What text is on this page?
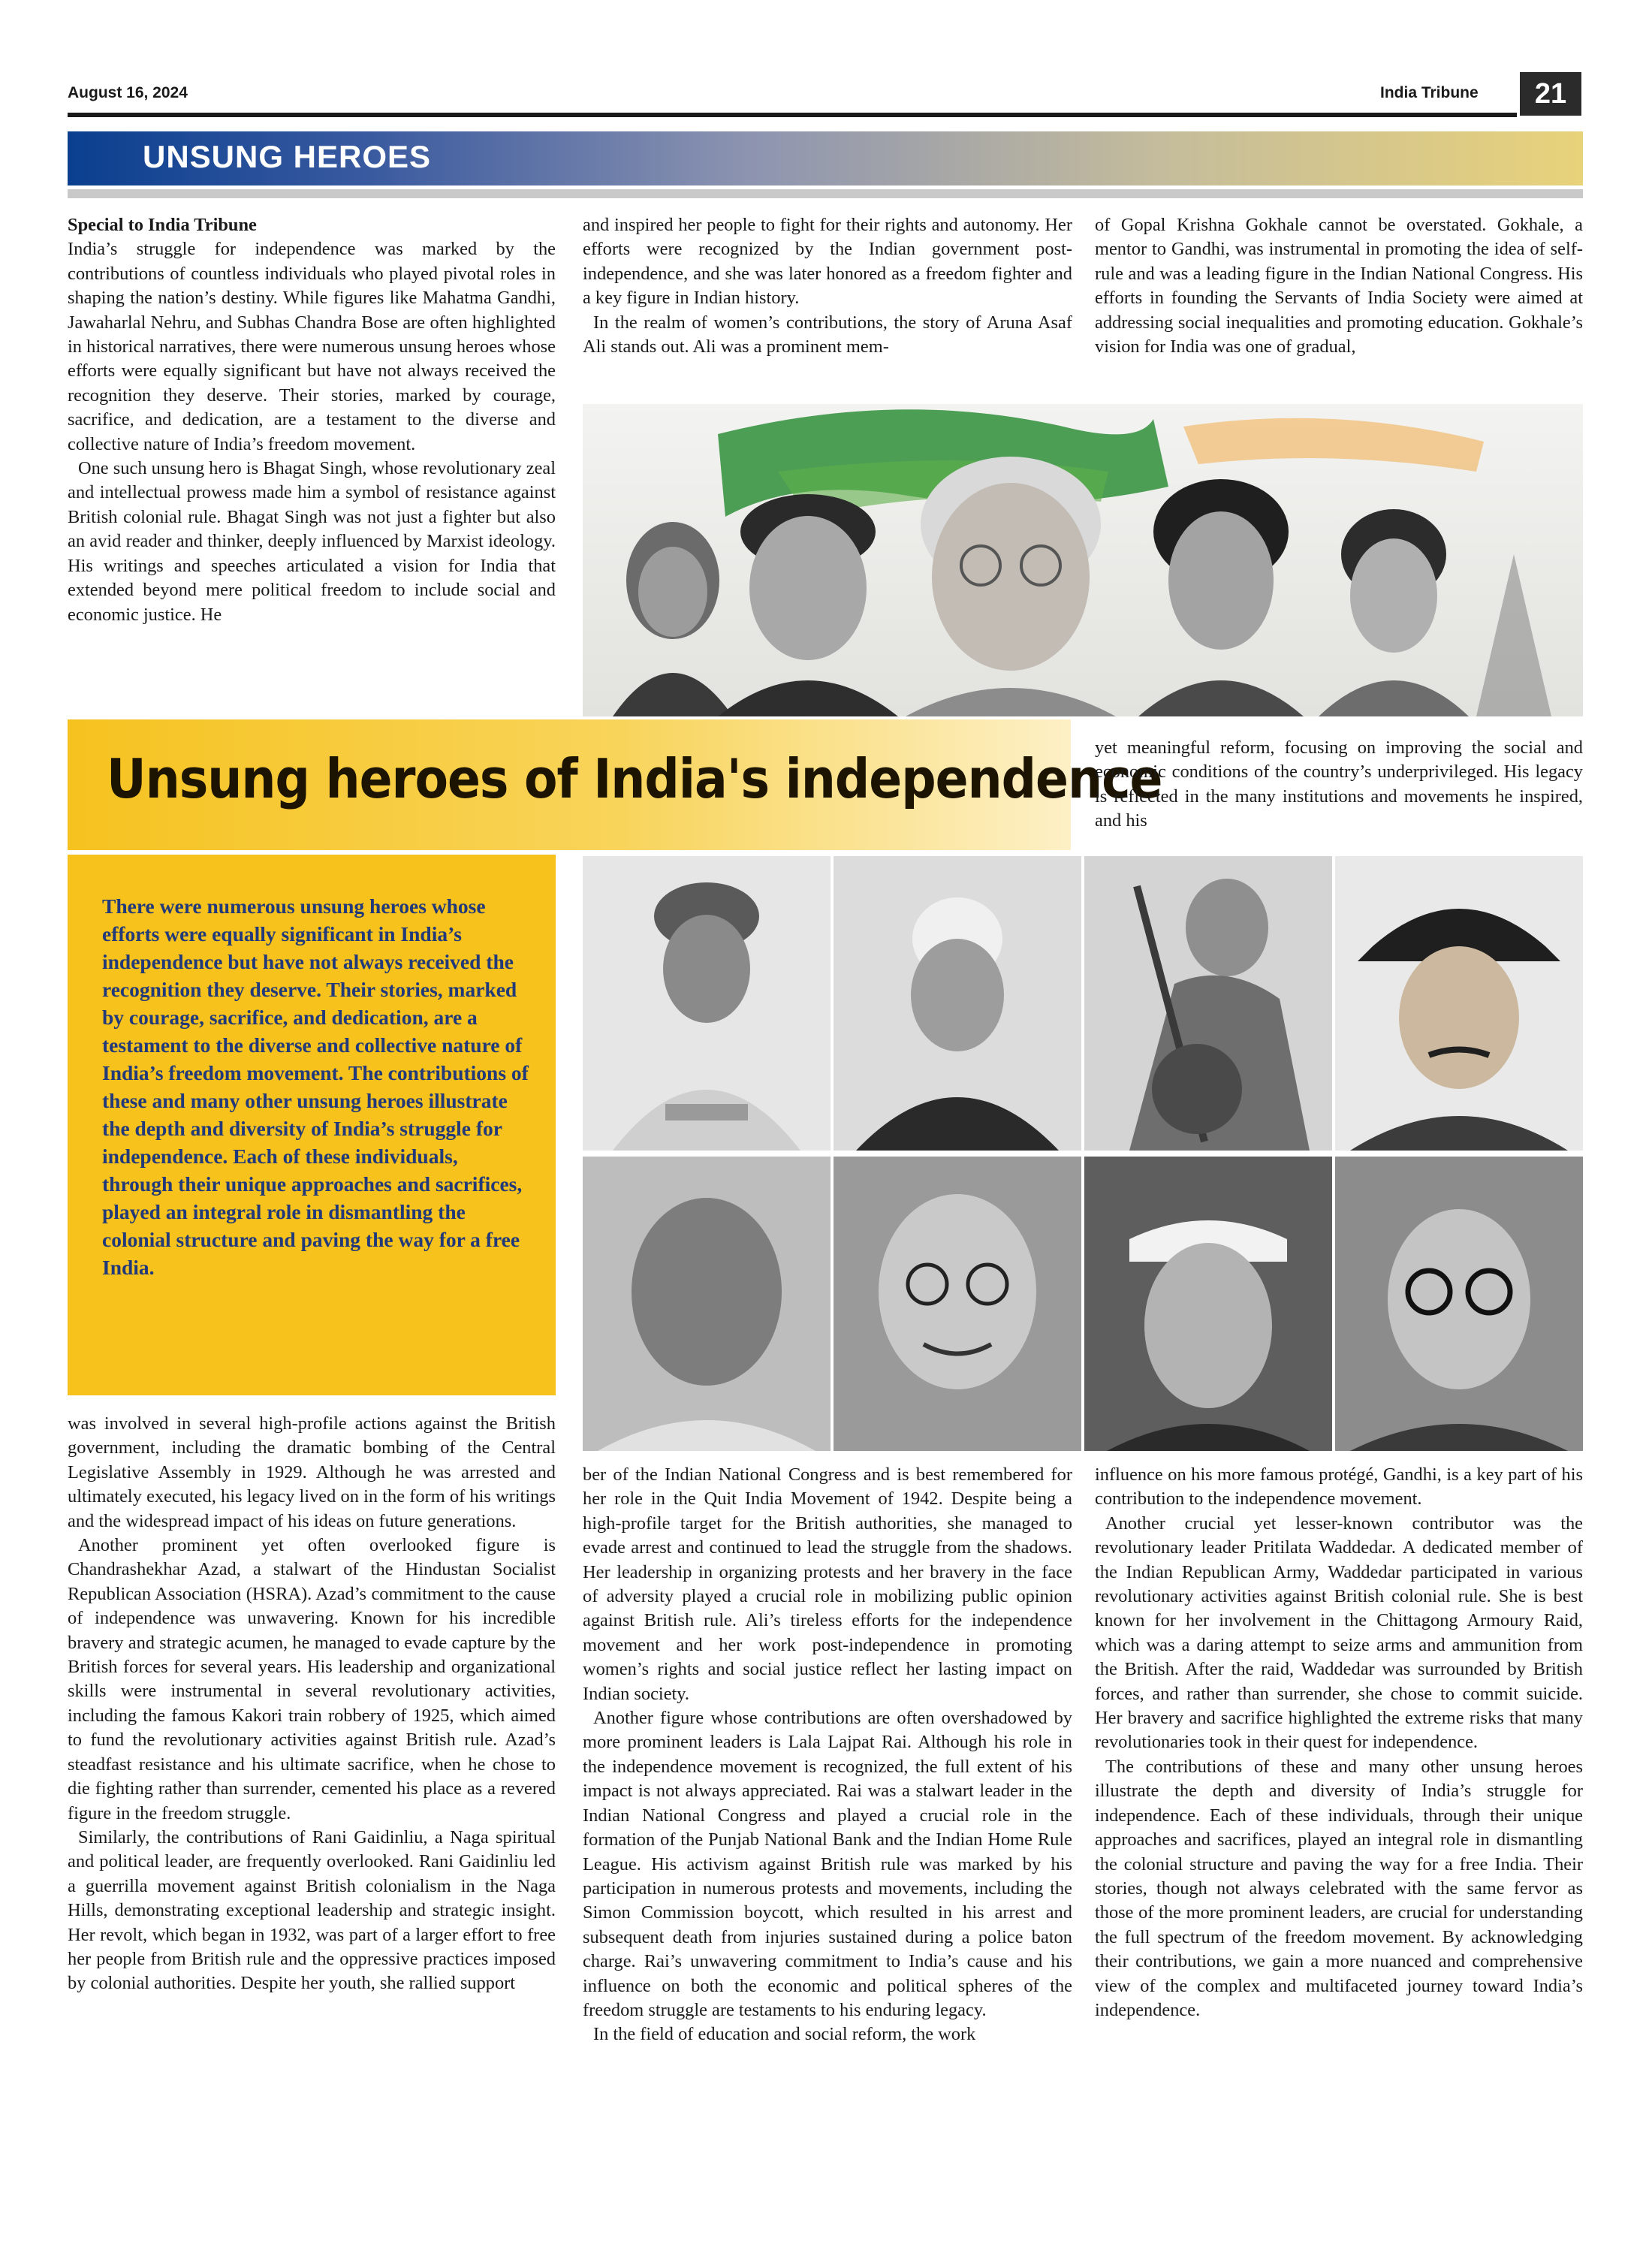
August 16, 2024	India Tribune	21
UNSUNG HEROES

Special to India Tribune

India’s struggle for independence was marked by the contributions of countless individuals who played pivotal roles in shaping the nation’s destiny. While figures like Mahatma Gandhi, Jawaharlal Nehru, and Subhas Chandra Bose are often highlighted in historical narratives, there were numerous unsung heroes whose efforts were equally significant but have not always received the recognition they deserve. Their stories, marked by courage, sacrifice, and dedication, are a testament to the diverse and collective nature of India’s freedom movement.

One such unsung hero is Bhagat Singh, whose revolutionary zeal and intellectual prowess made him a symbol of resistance against British colonial rule. Bhagat Singh was not just a fighter but also an avid reader and thinker, deeply influenced by Marxist ideology. His writings and speeches articulated a vision for India that extended beyond mere political freedom to include social and economic justice. He

and inspired her people to fight for their rights and autonomy. Her efforts were recognized by the Indian government post-independence, and she was later honored as a freedom fighter and a key figure in Indian history.

In the realm of women’s contributions, the story of Aruna Asaf Ali stands out. Ali was a prominent mem-

of Gopal Krishna Gokhale cannot be overstated. Gokhale, a mentor to Gandhi, was instrumental in promoting the idea of self-rule and was a leading figure in the Indian National Congress. His efforts in founding the Servants of India Society were aimed at addressing social inequalities and promoting education. Gokhale’s vision for India was one of gradual,

Unsung heroes of India's independence

yet meaningful reform, focusing on improving the social and economic conditions of the country’s underprivileged. His legacy is reflected in the many institutions and movements he inspired, and his

There were numerous unsung heroes whose efforts were equally significant in India’s independence but have not always received the recognition they deserve. Their stories, marked by courage, sacrifice, and dedication, are a testament to the diverse and collective nature of India’s freedom movement. The contributions of these and many other unsung heroes illustrate the depth and diversity of India’s struggle for independence. Each of these individuals, through their unique approaches and sacrifices, played an integral role in dismantling the colonial structure and paving the way for a free India.

was involved in several high-profile actions against the British government, including the dramatic bombing of the Central Legislative Assembly in 1929. Although he was arrested and ultimately executed, his legacy lived on in the form of his writings and the widespread impact of his ideas on future generations.

Another prominent yet often overlooked figure is Chandrashekhar Azad, a stalwart of the Hindustan Socialist Republican Association (HSRA). Azad’s commitment to the cause of independence was unwavering. Known for his incredible bravery and strategic acumen, he managed to evade capture by the British forces for several years. His leadership and organizational skills were instrumental in several revolutionary activities, including the famous Kakori train robbery of 1925, which aimed to fund the revolutionary activities against British rule. Azad’s steadfast resistance and his ultimate sacrifice, when he chose to die fighting rather than surrender, cemented his place as a revered figure in the freedom struggle.

Similarly, the contributions of Rani Gaidinliu, a Naga spiritual and political leader, are frequently overlooked. Rani Gaidinliu led a guerrilla movement against British colonialism in the Naga Hills, demonstrating exceptional leadership and strategic insight. Her revolt, which began in 1932, was part of a larger effort to free her people from British rule and the oppressive practices imposed by colonial authorities. Despite her youth, she rallied support

ber of the Indian National Congress and is best remembered for her role in the Quit India Movement of 1942. Despite being a high-profile target for the British authorities, she managed to evade arrest and continued to lead the struggle from the shadows. Her leadership in organizing protests and her bravery in the face of adversity played a crucial role in mobilizing public opinion against British rule. Ali’s tireless efforts for the independence movement and her work post-independence in promoting women’s rights and social justice reflect her lasting impact on Indian society.

Another figure whose contributions are often overshadowed by more prominent leaders is Lala Lajpat Rai. Although his role in the independence movement is recognized, the full extent of his impact is not always appreciated. Rai was a stalwart leader in the Indian National Congress and played a crucial role in the formation of the Punjab National Bank and the Indian Home Rule League. His activism against British rule was marked by his participation in numerous protests and movements, including the Simon Commission boycott, which resulted in his arrest and subsequent death from injuries sustained during a police baton charge. Rai’s unwavering commitment to India’s cause and his influence on both the economic and political spheres of the freedom struggle are testaments to his enduring legacy.

In the field of education and social reform, the work

influence on his more famous protégé, Gandhi, is a key part of his contribution to the independence movement.

Another crucial yet lesser-known contributor was the revolutionary leader Pritilata Waddedar. A dedicated member of the Indian Republican Army, Waddedar participated in various revolutionary activities against British colonial rule. She is best known for her involvement in the Chittagong Armoury Raid, which was a daring attempt to seize arms and ammunition from the British. After the raid, Waddedar was surrounded by British forces, and rather than surrender, she chose to commit suicide. Her bravery and sacrifice highlighted the extreme risks that many revolutionaries took in their quest for independence.

The contributions of these and many other unsung heroes illustrate the depth and diversity of India’s struggle for independence. Each of these individuals, through their unique approaches and sacrifices, played an integral role in dismantling the colonial structure and paving the way for a free India. Their stories, though not always celebrated with the same fervor as those of the more prominent leaders, are crucial for understanding the full spectrum of the freedom movement. By acknowledging their contributions, we gain a more nuanced and comprehensive view of the complex and multifaceted journey toward India’s independence.
